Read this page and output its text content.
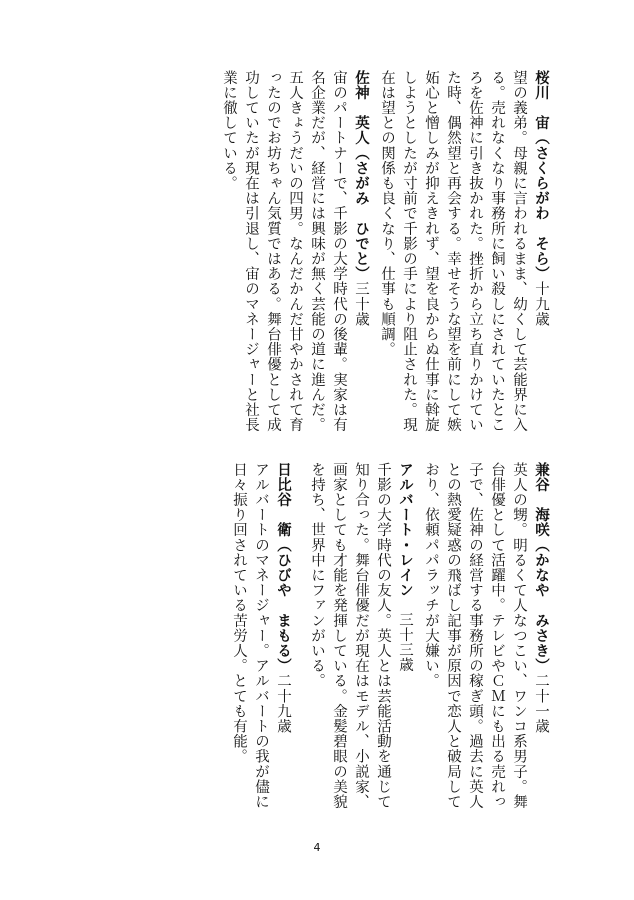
桜川　宙（さくらがわ　そら）十九歳
望の義弟。母親に言われるまま、幼くして芸能界に入る。売れなくなり事務所に飼い殺しにされていたところを佐神に引き抜かれた。挫折から立ち直りかけていた時、偶然望と再会する。幸せそうな望を前にして嫉妬心と憎しみが抑えきれず、望を良からぬ仕事に斡旋しようとしたが寸前で千影の手により阻止された。現在は望との関係も良くなり、仕事も順調。
佐神　英人（さがみ　ひでと）三十歳
宙のパートナーで、千影の大学時代の後輩。実家は有名企業だが、経営には興味が無く芸能の道に進んだ。五人きょうだいの四男。なんだかんだ甘やかされて育ったのでお坊ちゃん気質ではある。舞台俳優として成功していたが現在は引退し、宙のマネージャーと社長業に徹している。
兼谷　海咲（かなや　みさき）二十一歳
英人の甥。明るくて人なつこい、ワンコ系男子。舞台俳優として活躍中。テレビやＣＭにも出る売れっ子で、佐神の経営する事務所の稼ぎ頭。過去に英人との熱愛疑惑の飛ばし記事が原因で恋人と破局しており、依頼パパラッチが大嫌い。
アルバート・レイン三十三歳
千影の大学時代の友人。英人とは芸能活動を通じて知り合った。舞台俳優だが現在はモデル、小説家、画家としても才能を発揮している。金髪碧眼の美貌を持ち、世界中にファンがいる。
日比谷　衛（ひびや　まもる）二十九歳
アルバートのマネージャー。アルバートの我が儘に日々振り回されている苦労人。とても有能。
4
